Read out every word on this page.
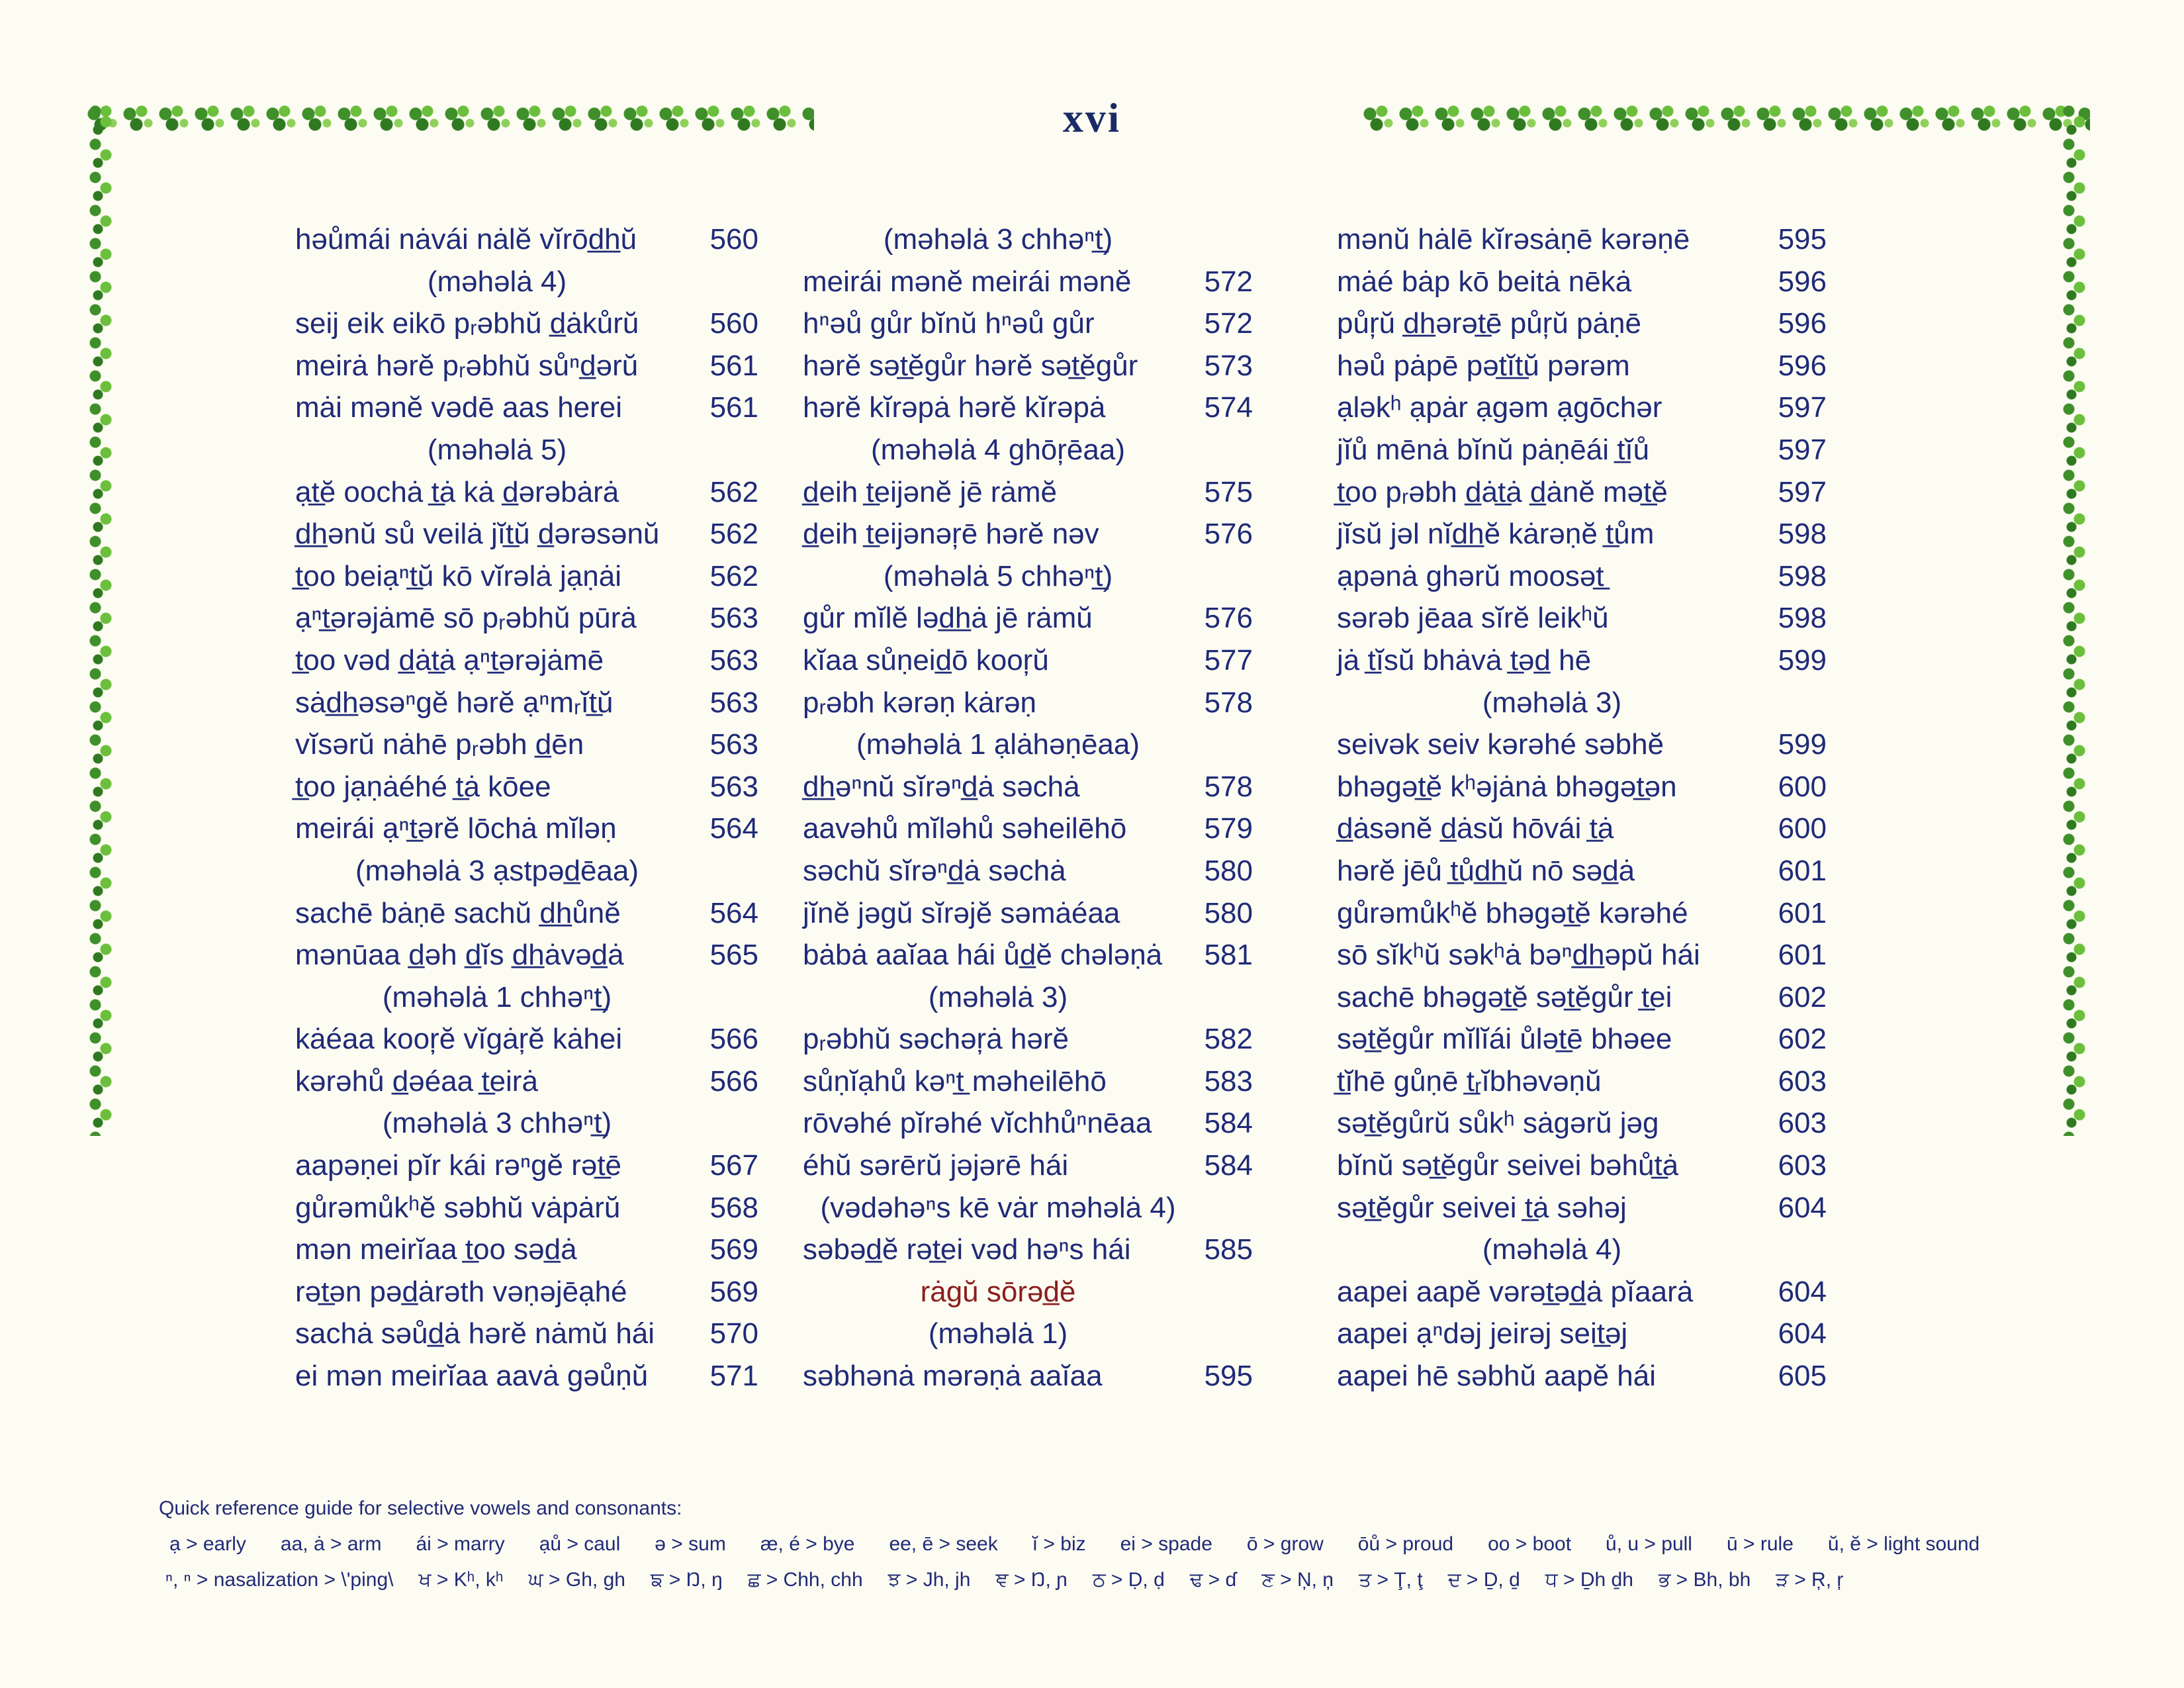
xvi
həůmái nȧvái nȧlĕ vĭrōd̲h̲ŭ	560
(məhəlȧ 4)
seij eik eikō pᵣəbhŭ d̲ȧkůrŭ	560
meirȧ hərĕ pᵣəbhŭ sůⁿd̲ərŭ	561
mȧi mənĕ vədē aas herei	561
(məhəlȧ 5)
ạt̲ĕ oochȧ t̲ȧ kȧ d̲ərəbȧrȧ	562
d̲h̲ənŭ sů veilȧ jĭt̲ŭ d̲ərəsənŭ	562
t̲oo beiạⁿt̲ŭ kō vĭrəlȧ jạṇȧi	562
ạⁿt̲ərəjȧmē sō pᵣəbhŭ pūrȧ	563
t̲oo vəd d̲ȧt̲ȧ ạⁿt̲ərəjȧmē	563
sȧd̲h̲əsəⁿgĕ hərĕ ạⁿmᵣĭt̲ŭ	563
vĭsərŭ nȧhē pᵣəbh d̲ēn	563
t̲oo jạṇȧéhé t̲ȧ kōee	563
meirái ạⁿt̲ərĕ lōchȧ mĭləṇ	564
(məhəlȧ 3 ạstpəd̲ēaa)
sachē bȧṇē sachŭ d̲h̲ůnĕ	564
mənūaa d̲əh d̲ĭs d̲h̲ȧvəd̲ȧ	565
(məhəlȧ 1 chhəⁿt̲)
kȧéaa kooŗĕ vĭgȧŗĕ kȧhei	566
kərəhů d̲əéaa t̲eirȧ	566
(məhəlȧ 3 chhəⁿt̲)
aapəṇei pĭr kái rəⁿgĕ rət̲ē	567
gůrəmůkʰĕ səbhŭ vȧpȧrŭ	568
mən meirĭaa t̲oo səd̲ȧ	569
rət̲ən pəd̲ȧrəth vəṇəjēạhé	569
sachȧ səůd̲ȧ hərĕ nȧmŭ hái	570
ei mən meirĭaa aavȧ gəůṇŭ	571
(məhəlȧ 3 chhəⁿt̲)
meirái mənĕ meirái mənĕ	572
hⁿəů gůr bĭnŭ hⁿəů gůr	572
hərĕ sət̲ĕgůr hərĕ sət̲ĕgůr	573
hərĕ kĭrəpȧ hərĕ kĭrəpȧ	574
(məhəlȧ 4 ghōŗēaa)
d̲eih t̲eijənĕ jē rȧmĕ	575
d̲eih t̲eijənəŗē hərĕ nəv	576
(məhəlȧ 5 chhəⁿt̲)
gůr mĭlĕ ləd̲h̲ȧ jē rȧmŭ	576
kĭaa sůṇeid̲ō kooŗŭ	577
pᵣəbh kərəṇ kȧrəṇ	578
(məhəlȧ 1 ạlȧhəṇēaa)
d̲h̲əⁿnŭ sĭrəⁿd̲ȧ səchȧ	578
aavəhů mĭləhů səheilēhō	579
səchŭ sĭrəⁿd̲ȧ səchȧ	580
jĭnĕ jəgŭ sĭrəjĕ səmȧéaa	580
bȧbȧ aaĭaa hái ůd̲ĕ chələṇȧ	581
(məhəlȧ 3)
pᵣəbhŭ səchəŗȧ hərĕ	582
sůṇĭạhů kəⁿt̲ məheilēhō	583
rōvəhé pĭrəhé vĭchhůⁿnēaa	584
éhŭ sərērŭ jəjərē hái	584
(vədəhəⁿs kē vȧr məhəlȧ 4)
səbəd̲ĕ rət̲ei vəd həⁿs hái	585
rȧgŭ sōrəd̲ĕ
(məhəlȧ 1)
səbhənȧ mərəṇȧ aaĭaa	595
mənŭ hȧlē kĭrəsȧṇē kərəṇē	595
mȧé bȧp kō beitȧ nēkȧ	596
půŗŭ d̲h̲ərət̲ē půŗŭ pȧṇē	596
həů pȧpē pət̲ĭt̲ŭ pərəm	596
ạləkʰ ạpȧr ạgəm ạgōchər	597
jĭů mēnȧ bĭnŭ pȧṇēái t̲ĭů	597
t̲oo pᵣəbh d̲ȧt̲ȧ d̲ȧnĕ mət̲ĕ	597
jĭsŭ jəl nĭd̲h̲ĕ kȧrəṇĕ t̲ům	598
ạpənȧ ghərŭ moosət̲	598
sərəb jēaa sĭrĕ leikʰŭ	598
jȧ t̲ĭsŭ bhȧvȧ t̲əd̲ hē	599
(məhəlȧ 3)
seivək seiv kərəhé səbhĕ	599
bhəgət̲ĕ kʰəjȧnȧ bhəgət̲ən	600
d̲ȧsənĕ d̲ȧsŭ hōvái t̲ȧ	600
hərĕ jēů t̲ůd̲h̲ŭ nō səd̲ȧ	601
gůrəmůkʰĕ bhəgət̲ĕ kərəhé	601
sō sĭkʰŭ səkʰȧ bəⁿd̲h̲əpŭ hái	601
sachē bhəgət̲ĕ sət̲ĕgůr t̲ei	602
sət̲ĕgůr mĭlĭái ůlət̲ē bhəee	602
t̲ĭhē gůṇē t̲ᵣĭbhəvəṇŭ	603
sət̲ĕgůrŭ sůkʰ sȧgərŭ jəg	603
bĭnŭ sət̲ĕgůr seivei bəhůt̲ȧ	603
sət̲ĕgůr seivei t̲ȧ səhəj	604
(məhəlȧ 4)
aapei aapĕ vərət̲əd̲ȧ pĭaarȧ	604
aapei ạⁿdəj jeirəj seit̲əj	604
aapei hē səbhŭ aapĕ hái	605
Quick reference guide for selective vowels and consonants:
ạ > early aa, ȧ > arm ái > marry ạů > caul ə > sum æ, é > bye ee, ē > seek ĭ > biz ei > spade ō > grow ōů > proud oo > boot ů, u > pull ū > rule ŭ, ĕ > light sound
ⁿ, ⁿ > nasalization > \'ping\ ਖ > Kʰ, kʰ ਘ > Gh, gh ਙ > Ŋ, ŋ ਛ > Chh, chh ਝ > Jh, jh ਞ > Ŋ, ɲ ਠ > Ḍ, ḍ ਢ > ɗ ਣ > Ņ, ņ ਤ > Ţ, ţ ਦ > Ḏ, ḏ ਧ > Ḏh ḏh ਭ > Bh, bh ੜ > Ŗ, ŗ
